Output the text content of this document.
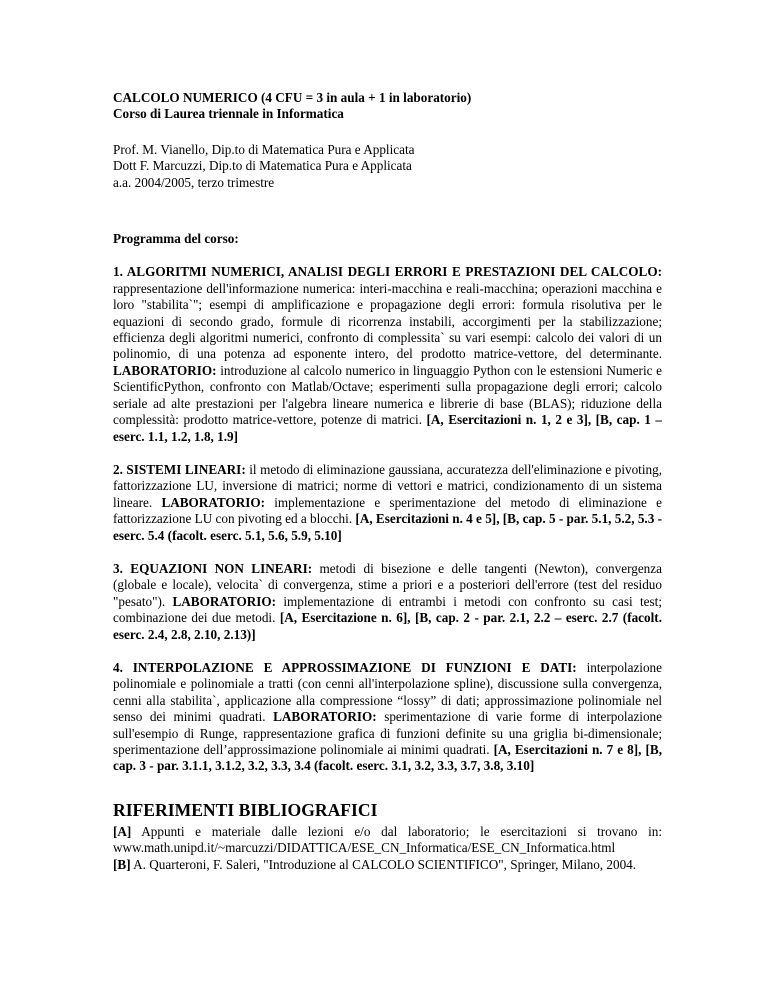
CALCOLO NUMERICO (4 CFU = 3 in aula + 1 in laboratorio)

Corso di Laurea triennale in Informatica

Prof. M. Vianello, Dip.to di Matematica Pura e Applicata

Dott F. Marcuzzi, Dip.to di Matematica Pura e Applicata

a.a. 2004/2005, terzo trimestre

Programma del corso:

1. ALGORITMI NUMERICI, ANALISI DEGLI ERRORI E PRESTAZIONI DEL CALCOLO: rappresentazione dell'informazione numerica: interi-macchina e reali-macchina; operazioni macchina e loro "stabilita`"; esempi di amplificazione e propagazione degli errori: formula risolutiva per le equazioni di secondo grado, formule di ricorrenza instabili, accorgimenti per la stabilizzazione; efficienza degli algoritmi numerici, confronto di complessita` su vari esempi: calcolo dei valori di un polinomio, di una potenza ad esponente intero, del prodotto matrice-vettore, del determinante. LABORATORIO: introduzione al calcolo numerico in linguaggio Python con le estensioni Numeric e ScientificPython, confronto con Matlab/Octave; esperimenti sulla propagazione degli errori; calcolo seriale ad alte prestazioni per l'algebra lineare numerica e librerie di base (BLAS); riduzione della complessità: prodotto matrice-vettore, potenze di matrici. [A, Esercitazioni n. 1, 2 e 3], [B, cap. 1 – eserc. 1.1, 1.2, 1.8, 1.9]

2. SISTEMI LINEARI: il metodo di eliminazione gaussiana, accuratezza dell'eliminazione e pivoting, fattorizzazione LU, inversione di matrici; norme di vettori e matrici, condizionamento di un sistema lineare. LABORATORIO: implementazione e sperimentazione del metodo di eliminazione e fattorizzazione LU con pivoting ed a blocchi. [A, Esercitazioni n. 4 e 5], [B, cap. 5 - par. 5.1, 5.2, 5.3 - eserc. 5.4 (facolt. eserc. 5.1, 5.6, 5.9, 5.10]

3. EQUAZIONI NON LINEARI: metodi di bisezione e delle tangenti (Newton), convergenza (globale e locale), velocita` di convergenza, stime a priori e a posteriori dell'errore (test del residuo "pesato"). LABORATORIO: implementazione di entrambi i metodi con confronto su casi test; combinazione dei due metodi. [A, Esercitazione n. 6], [B, cap. 2 - par. 2.1, 2.2 – eserc. 2.7 (facolt. eserc. 2.4, 2.8, 2.10, 2.13)]

4. INTERPOLAZIONE E APPROSSIMAZIONE DI FUNZIONI E DATI: interpolazione polinomiale e polinomiale a tratti (con cenni all'interpolazione spline), discussione sulla convergenza, cenni alla stabilita`, applicazione alla compressione “lossy” di dati; approssimazione polinomiale nel senso dei minimi quadrati. LABORATORIO: sperimentazione di varie forme di interpolazione sull'esempio di Runge, rappresentazione grafica di funzioni definite su una griglia bi-dimensionale; sperimentazione dell’approssimazione polinomiale ai minimi quadrati. [A, Esercitazioni n. 7 e 8], [B, cap. 3 - par. 3.1.1, 3.1.2, 3.2, 3.3, 3.4 (facolt. eserc. 3.1, 3.2, 3.3, 3.7, 3.8, 3.10]

RIFERIMENTI BIBLIOGRAFICI

[A] Appunti e materiale dalle lezioni e/o dal laboratorio; le esercitazioni si trovano in: www.math.unipd.it/~marcuzzi/DIDATTICA/ESE_CN_Informatica/ESE_CN_Informatica.html

[B] A. Quarteroni, F. Saleri, "Introduzione al CALCOLO SCIENTIFICO", Springer, Milano, 2004.
